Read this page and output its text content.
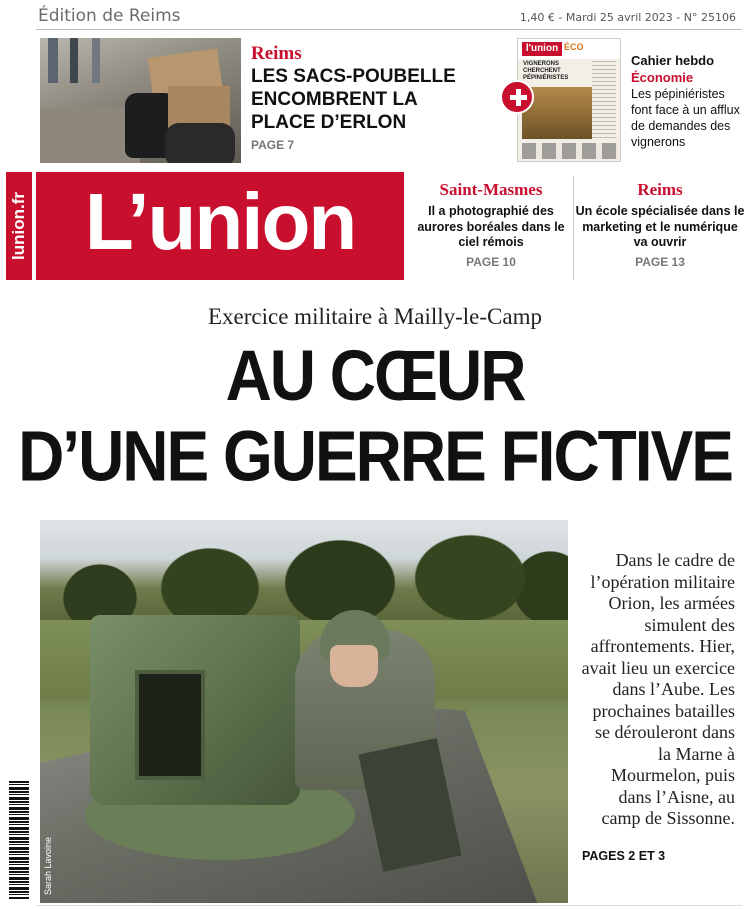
Édition de Reims	1,40 € - Mardi 25 avril 2023 - N° 25106
Reims
LES SACS-POUBELLE ENCOMBRENT LA PLACE D’ERLON
PAGE 7
l'union ÉCO
VIGNERONS CHERCHENT PÉPINIÉRISTES
Cahier hebdo
Économie
Les pépiniéristes font face à un afflux de demandes des vignerons
lunion.fr L’union	Saint-Masmes
Il a photographié des aurores boréales dans le ciel rémois
PAGE 10
Reims
Un école spécialisée dans le marketing et le numérique va ouvrir
PAGE 13
Exercice militaire à Mailly-le-Camp
AU CŒUR
D’UNE GUERRE FICTIVE
Sarah Lavoine
Dans le cadre de l’opération militaire Orion, les armées simulent des affrontements. Hier, avait lieu un exercice dans l’Aube. Les prochaines batailles se dérouleront dans la Marne à Mourmelon, puis dans l’Aisne, au camp de Sissonne.
PAGES 2 ET 3
